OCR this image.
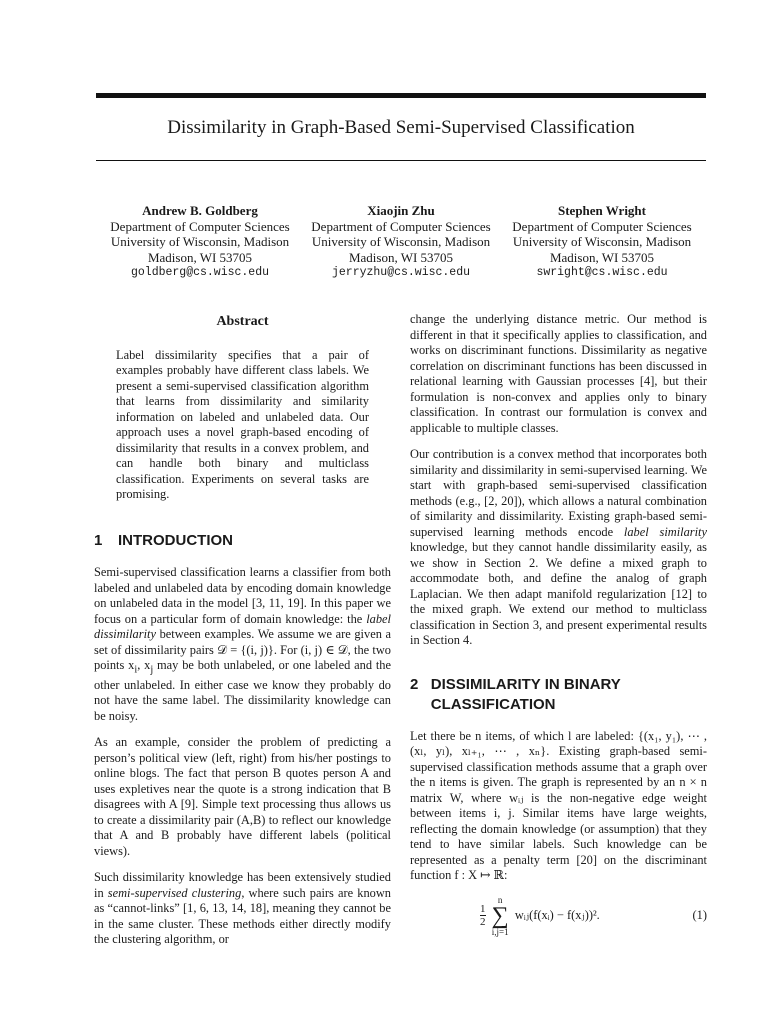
Dissimilarity in Graph-Based Semi-Supervised Classification
Andrew B. Goldberg
Department of Computer Sciences
University of Wisconsin, Madison
Madison, WI 53705
goldberg@cs.wisc.edu
Xiaojin Zhu
Department of Computer Sciences
University of Wisconsin, Madison
Madison, WI 53705
jerryzhu@cs.wisc.edu
Stephen Wright
Department of Computer Sciences
University of Wisconsin, Madison
Madison, WI 53705
swright@cs.wisc.edu
Abstract

Label dissimilarity specifies that a pair of examples probably have different class labels. We present a semi-supervised classification algorithm that learns from dissimilarity and similarity information on labeled and unlabeled data. Our approach uses a novel graph-based encoding of dissimilarity that results in a convex problem, and can handle both binary and multiclass classification. Experiments on several tasks are promising.

1	INTRODUCTION

Semi-supervised classification learns a classifier from both labeled and unlabeled data by encoding domain knowledge on unlabeled data in the model [3, 11, 19]. In this paper we focus on a particular form of domain knowledge: the label dissimilarity between examples. We assume we are given a set of dissimilarity pairs 𝒟 = {(i, j)}. For (i, j) ∈ 𝒟, the two points $x_i$, $x_j$ may be both unlabeled, or one labeled and the other unlabeled. In either case we know they probably do not have the same label. The dissimilarity knowledge can be noisy.

As an example, consider the problem of predicting a person’s political view (left, right) from his/her postings to online blogs. The fact that person B quotes person A and uses expletives near the quote is a strong indication that B disagrees with A [9]. Simple text processing thus allows us to create a dissimilarity pair (A,B) to reflect our knowledge that A and B probably have different labels (political views).

Such dissimilarity knowledge has been extensively studied in semi-supervised clustering, where such pairs are known as “cannot-links” [1, 6, 13, 14, 18], meaning they cannot be in the same cluster. These methods either directly modify the clustering algorithm, or

change the underlying distance metric. Our method is different in that it specifically applies to classification, and works on discriminant functions. Dissimilarity as negative correlation on discriminant functions has been discussed in relational learning with Gaussian processes [4], but their formulation is non-convex and applies only to binary classification. In contrast our formulation is convex and applicable to multiple classes.

Our contribution is a convex method that incorporates both similarity and dissimilarity in semi-supervised learning. We start with graph-based semi-supervised classification methods (e.g., [2, 20]), which allows a natural combination of similarity and dissimilarity. Existing graph-based semi-supervised learning methods encode label similarity knowledge, but they cannot handle dissimilarity easily, as we show in Section 2. We define a mixed graph to accommodate both, and define the analog of graph Laplacian. We then adapt manifold regularization [12] to the mixed graph. We extend our method to multiclass classification in Section 3, and present experimental results in Section 4.

2 DISSIMILARITY IN BINARY CLASSIFICATION

Let there be n items, of which l are labeled: {(x₁, y₁), ⋯ , (xₗ, yₗ), xₗ₊₁, ⋯ , xₙ}. Existing graph-based semi-supervised classification methods assume that a graph over the n items is given. The graph is represented by an n × n matrix W, where wᵢⱼ is the non-negative edge weight between items i, j. Similar items have large weights, reflecting the domain knowledge (or assumption) that they tend to have similar labels. Such knowledge can be represented as a penalty term [20] on the discriminant function f : X ↦ ℝ:

$\frac{1}{2}$

n
∑
i,j=1
wᵢⱼ(f(xᵢ) − f(xⱼ))².	(1)
